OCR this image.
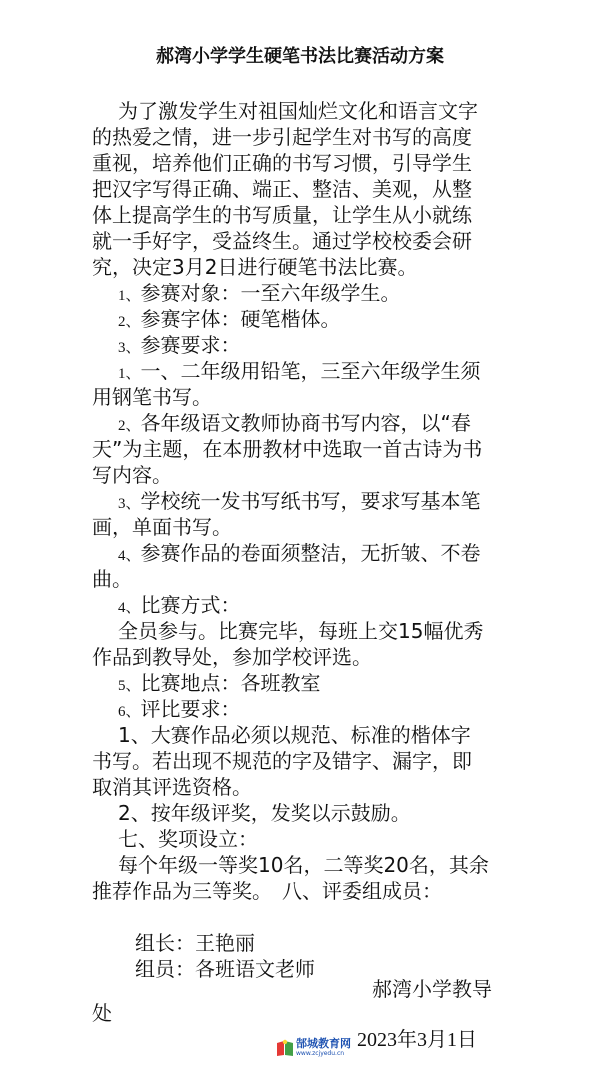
郝湾小学学生硬笔书法比赛活动方案
为了激发学生对祖国灿烂文化和语言文字
的热爱之情，进一步引起学生对书写的高度
重视，培养他们正确的书写习惯，引导学生
把汉字写得正确、端正、整洁、美观，从整
体上提高学生的书写质量，让学生从小就练
就一手好字，受益终生。通过学校校委会研
究，决定3月2日进行硬笔书法比赛。
1、参赛对象：一至六年级学生。
2、参赛字体：硬笔楷体。
3、参赛要求：
1、一、二年级用铅笔，三至六年级学生须
用钢笔书写。
2、各年级语文教师协商书写内容，以“春
天”为主题，在本册教材中选取一首古诗为书
写内容。
3、学校统一发书写纸书写，要求写基本笔
画，单面书写。
4、参赛作品的卷面须整洁，无折皱、不卷
曲。
4、比赛方式：
全员参与。比赛完毕，每班上交15幅优秀
作品到教导处，参加学校评选。
5、比赛地点：各班教室
6、评比要求：
1、大赛作品必须以规范、标准的楷体字
书写。若出现不规范的字及错字、漏字，即
取消其评选资格。
2、按年级评奖，发奖以示鼓励。
七、奖项设立：
每个年级一等奖10名，二等奖20名，其余
推荐作品为三等奖。　八、评委组成员：
组长：王艳丽
组员：各班语文老师
郝湾小学教导
处
郜城教育网
www.zcjyedu.cn
2023年3月1日
